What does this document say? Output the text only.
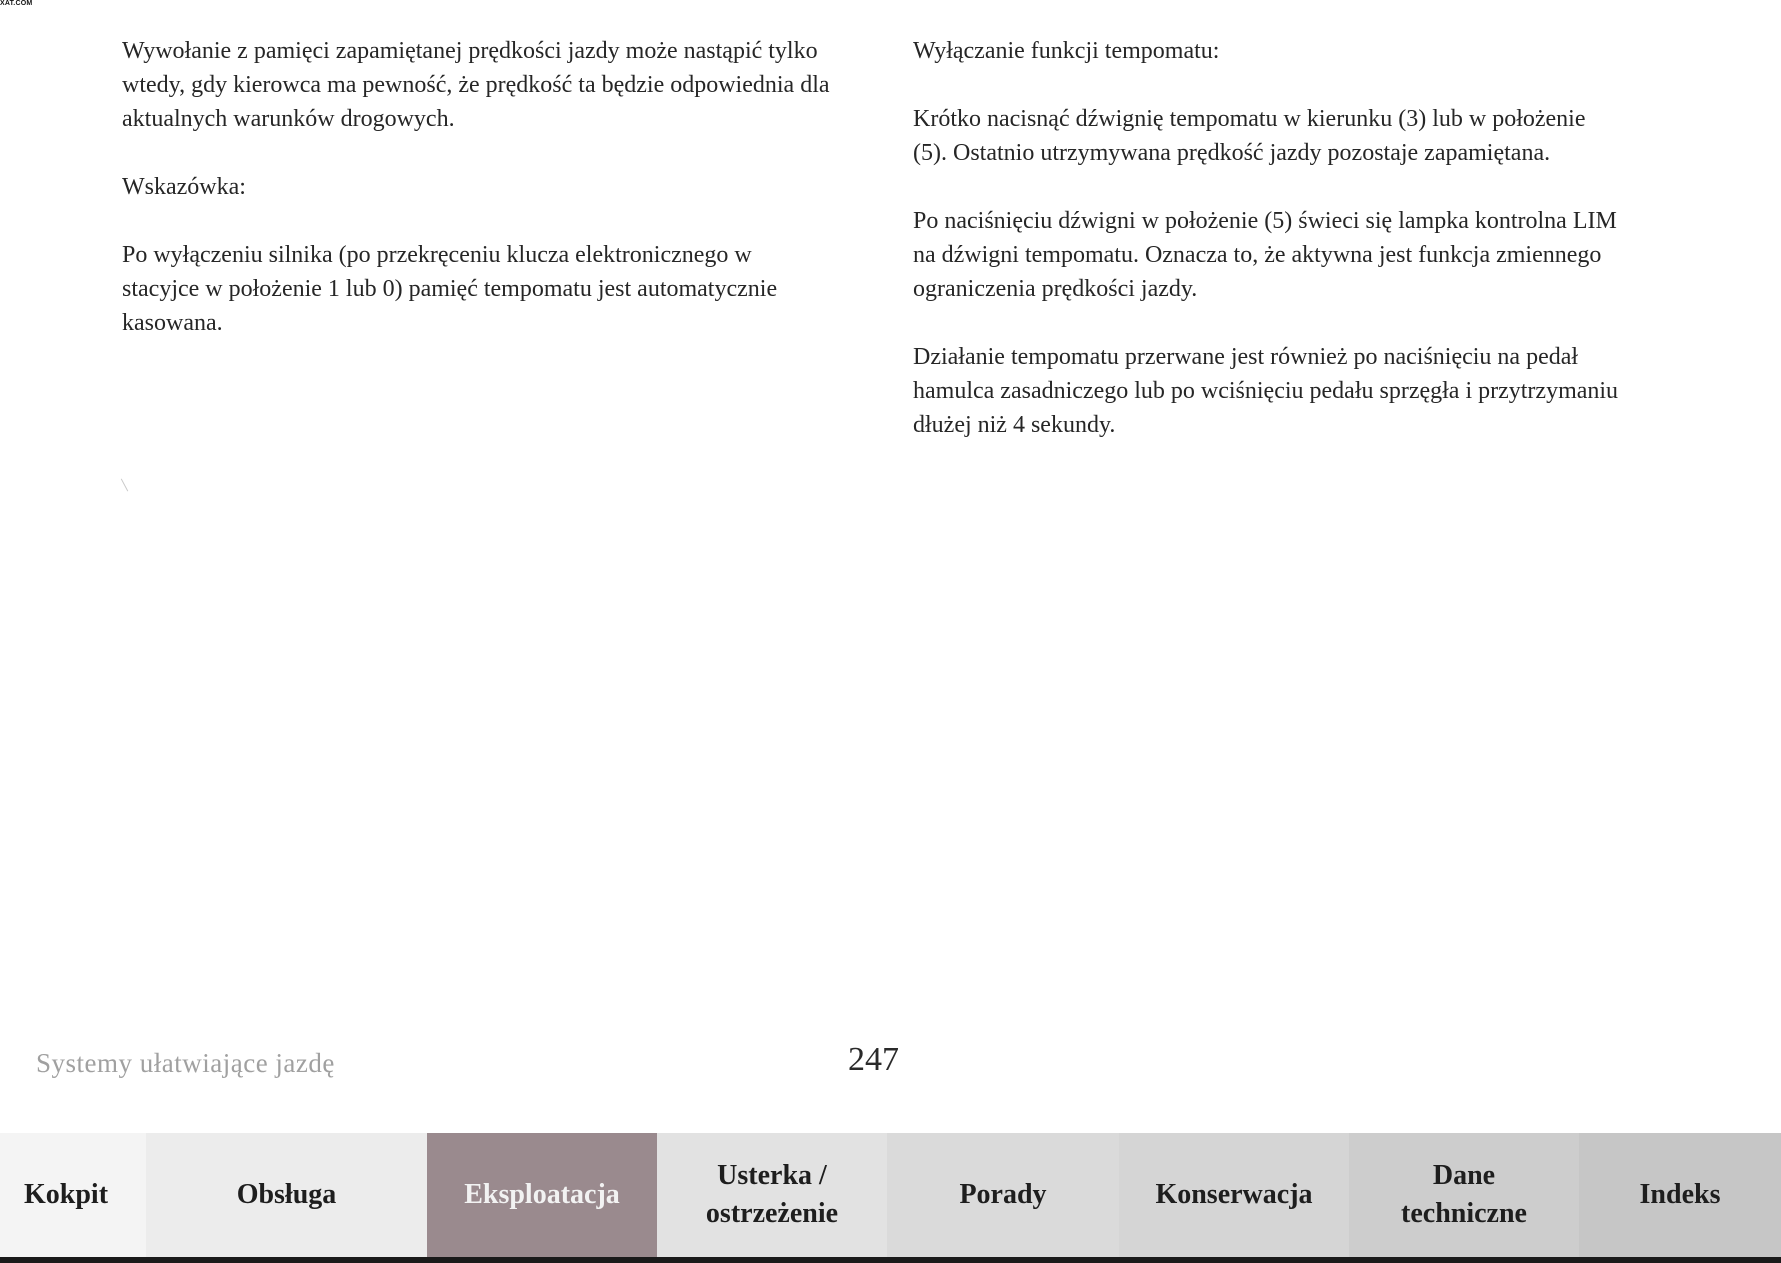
XAT.COM

Wywołanie z pamięci zapamiętanej prędkości jazdy może nastąpić tylko wtedy, gdy kierowca ma pewność, że prędkość ta będzie odpowiednia dla aktualnych warunków drogowych.

Wskazówka:

Po wyłączeniu silnika (po przekręceniu klucza elektronicznego w stacyjce w położenie 1 lub 0) pamięć tempomatu jest automatycznie kasowana.

Wyłączanie funkcji tempomatu:

Krótko nacisnąć dźwignię tempomatu w kierunku (3) lub w położenie (5). Ostatnio utrzymywana prędkość jazdy pozostaje zapamiętana.

Po naciśnięciu dźwigni w położenie (5) świeci się lampka kontrolna LIM na dźwigni tempomatu. Oznacza to, że aktywna jest funkcja zmiennego ograniczenia prędkości jazdy.

Działanie tempomatu przerwane jest również po naciśnięciu na pedał hamulca zasadniczego lub po wciśnięciu pedału sprzęgła i przytrzymaniu dłużej niż 4 sekundy.

Systemy ułatwiające jazdę	247
Kokpit	Obsługa	Eksploatacja
Usterka /
ostrzeżenie
Porady	Konserwacja
Dane
techniczne
Indeks
